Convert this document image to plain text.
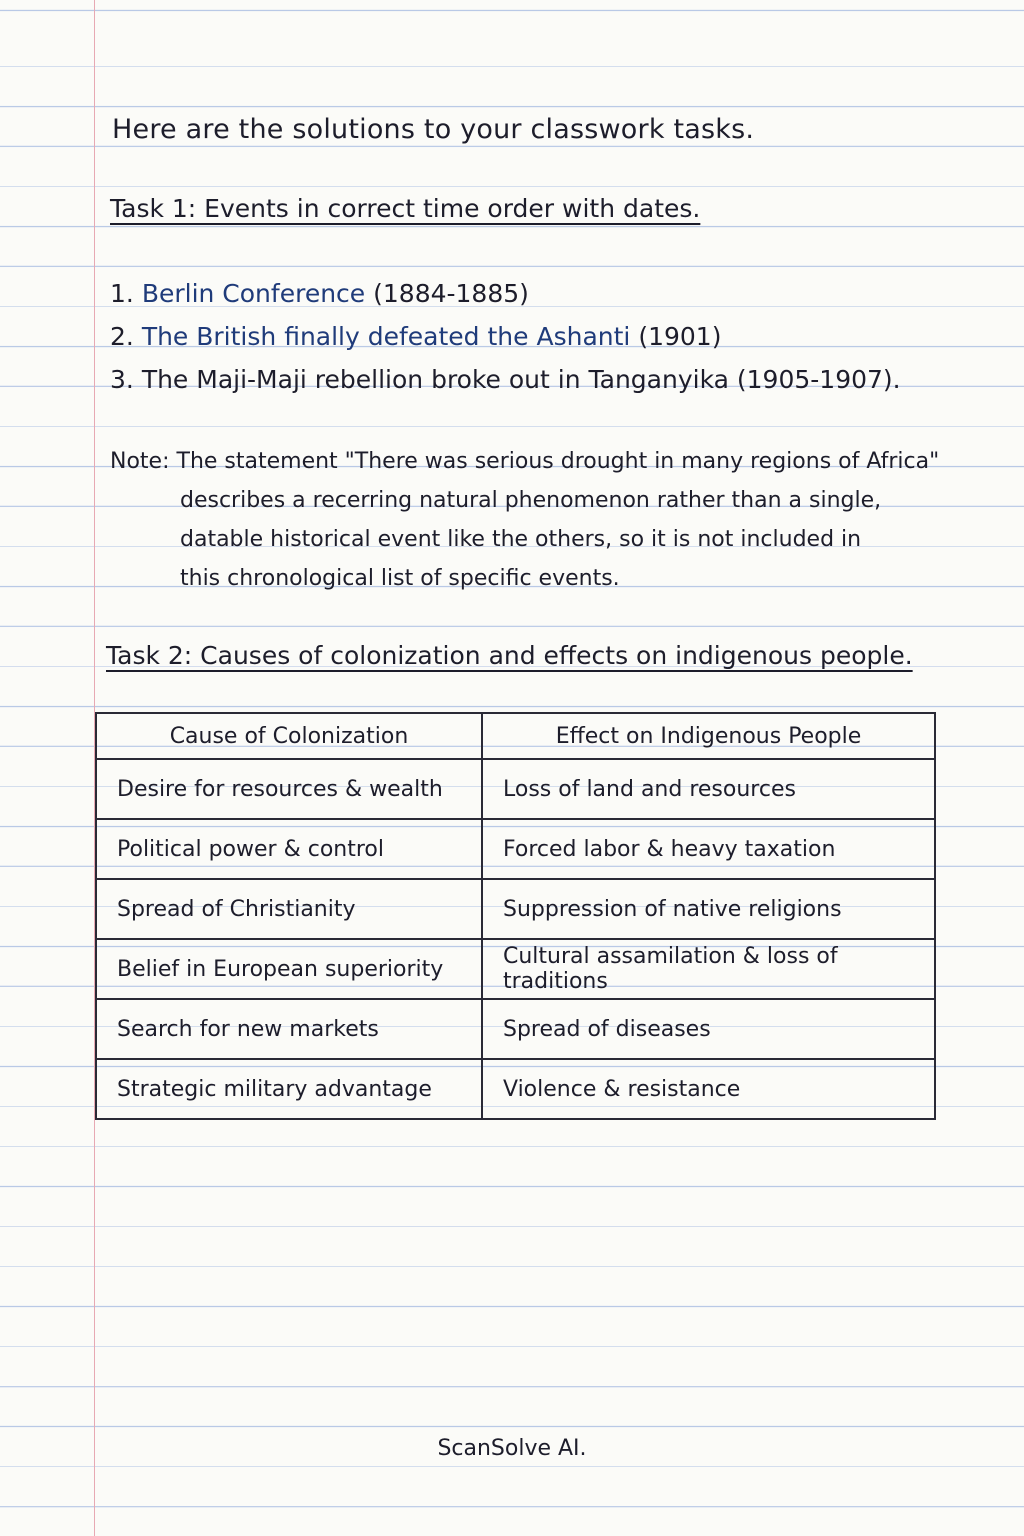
Here are the solutions to your classwork tasks.
Task 1: Events in correct time order with dates.
1. Berlin Conference (1884-1885)
2. The British finally defeated the Ashanti (1901)
3. The Maji-Maji rebellion broke out in Tanganyika (1905-1907).
Note: The statement "There was serious drought in many regions of Africa"
describes a recerring natural phenomenon rather than a single,
datable historical event like the others, so it is not included in
this chronological list of specific events.
Task 2: Causes of colonization and effects on indigenous people.
Cause of Colonization	Effect on Indigenous People
Desire for resources & wealth	Loss of land and resources
Political power & control	Forced labor & heavy taxation
Spread of Christianity	Suppression of native religions
Belief in European superiority	Cultural assamilation & loss of traditions
Search for new markets	Spread of diseases
Strategic military advantage	Violence & resistance
ScanSolve AI.
